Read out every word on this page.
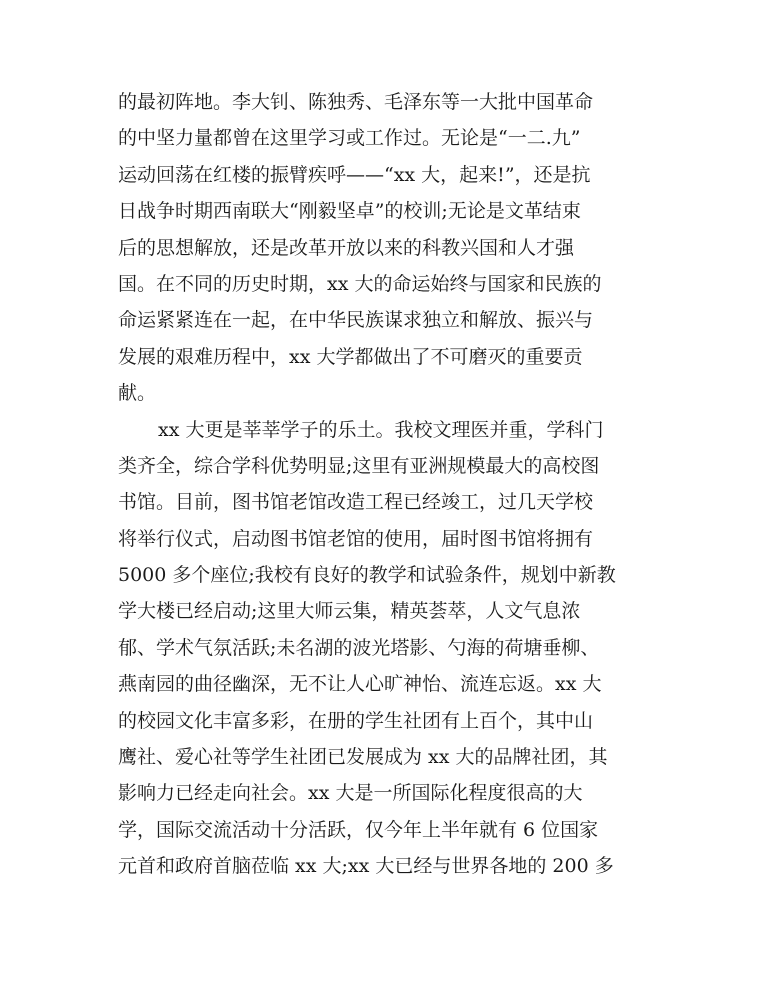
的最初阵地。李大钊、陈独秀、毛泽东等一大批中国革命
的中坚力量都曾在这里学习或工作过。无论是“一二.九”
运动回荡在红楼的振臂疾呼——“xx 大，起来!”，还是抗
日战争时期西南联大“刚毅坚卓”的校训;无论是文革结束
后的思想解放，还是改革开放以来的科教兴国和人才强
国。在不同的历史时期，xx 大的命运始终与国家和民族的
命运紧紧连在一起，在中华民族谋求独立和解放、振兴与
发展的艰难历程中，xx 大学都做出了不可磨灭的重要贡
献。
xx 大更是莘莘学子的乐土。我校文理医并重，学科门
类齐全，综合学科优势明显;这里有亚洲规模最大的高校图
书馆。目前，图书馆老馆改造工程已经竣工，过几天学校
将举行仪式，启动图书馆老馆的使用，届时图书馆将拥有
5000 多个座位;我校有良好的教学和试验条件，规划中新教
学大楼已经启动;这里大师云集，精英荟萃，人文气息浓
郁、学术气氛活跃;未名湖的波光塔影、勺海的荷塘垂柳、
燕南园的曲径幽深，无不让人心旷神怡、流连忘返。xx 大
的校园文化丰富多彩，在册的学生社团有上百个，其中山
鹰社、爱心社等学生社团已发展成为 xx 大的品牌社团，其
影响力已经走向社会。xx 大是一所国际化程度很高的大
学，国际交流活动十分活跃，仅今年上半年就有 6 位国家
元首和政府首脑莅临 xx 大;xx 大已经与世界各地的 200 多
